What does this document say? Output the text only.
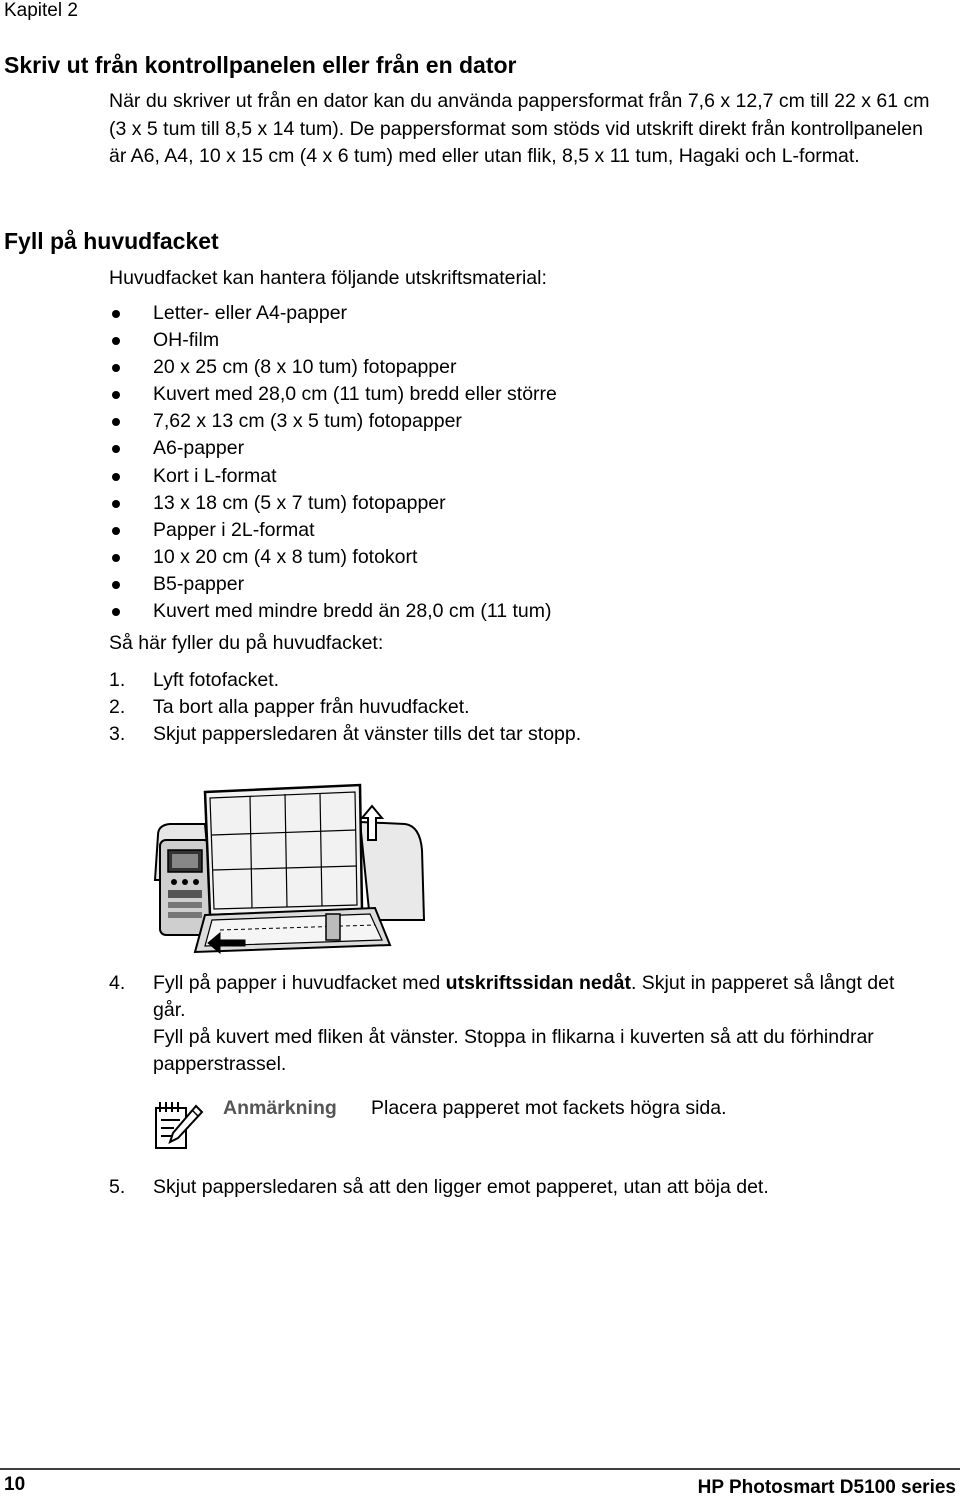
Kapitel 2
Skriv ut från kontrollpanelen eller från en dator
När du skriver ut från en dator kan du använda pappersformat från 7,6 x 12,7 cm till 22 x 61 cm (3 x 5 tum till 8,5 x 14 tum). De pappersformat som stöds vid utskrift direkt från kontrollpanelen är A6, A4, 10 x 15 cm (4 x 6 tum) med eller utan flik, 8,5 x 11 tum, Hagaki och L-format.
Fyll på huvudfacket
Huvudfacket kan hantera följande utskriftsmaterial:
Letter- eller A4-papper
OH-film
20 x 25 cm (8 x 10 tum) fotopapper
Kuvert med 28,0 cm (11 tum) bredd eller större
7,62 x 13 cm (3 x 5 tum) fotopapper
A6-papper
Kort i L-format
13 x 18 cm (5 x 7 tum) fotopapper
Papper i 2L-format
10 x 20 cm (4 x 8 tum) fotokort
B5-papper
Kuvert med mindre bredd än 28,0 cm (11 tum)
Så här fyller du på huvudfacket:
1. Lyft fotofacket.
2. Ta bort alla papper från huvudfacket.
3. Skjut pappersledaren åt vänster tills det tar stopp.
4.	Fyll på papper i huvudfacket med utskriftssidan nedåt. Skjut in papperet så långt det går.
Fyll på kuvert med fliken åt vänster. Stoppa in flikarna i kuverten så att du förhindrar papperstrassel.
Anmärkning Placera papperet mot fackets högra sida.
5.	Skjut pappersledaren så att den ligger emot papperet, utan att böja det.
10	HP Photosmart D5100 series
